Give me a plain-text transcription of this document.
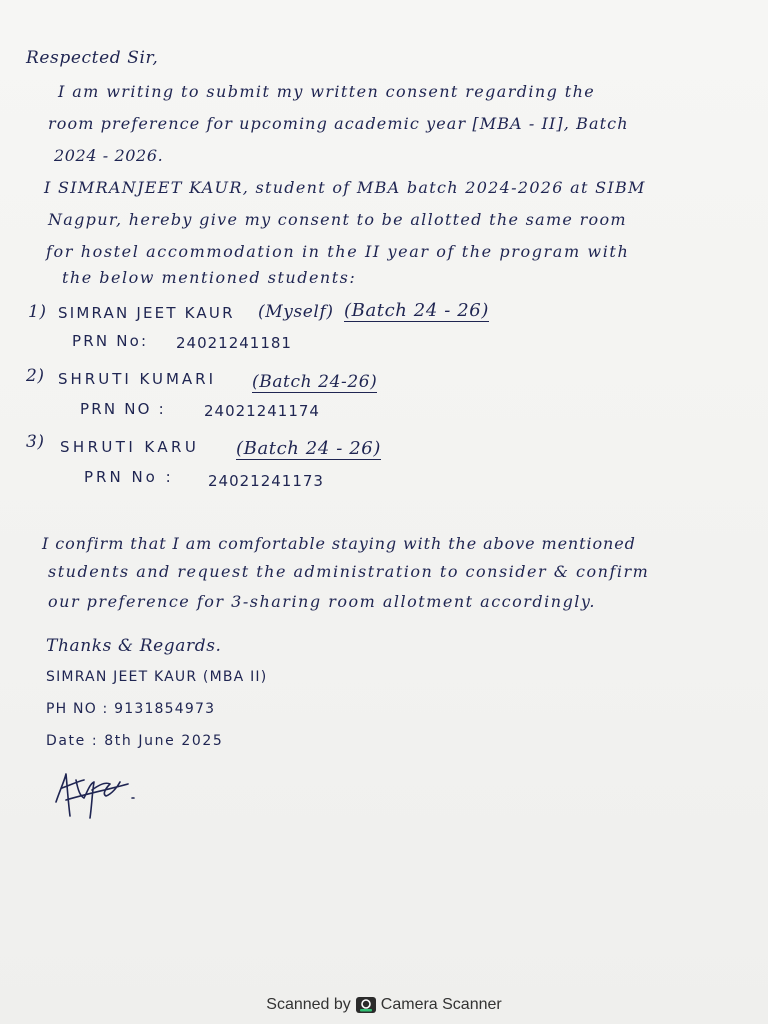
Respected Sir,
I am writing to submit my written consent regarding the
room preference for upcoming academic year [MBA - II], Batch
2024 - 2026.
I SIMRANJEET KAUR, student of MBA batch 2024-2026 at SIBM
Nagpur, hereby give my consent to be allotted the same room
for hostel accommodation in the II year of the program with
the below mentioned students:
1) SIMRAN JEET KAUR (Myself) (Batch 24 - 26)
PRN No: 24021241181
2) SHRUTI KUMARI (Batch 24-26)
PRN NO :	24021241174
3) SHRUTI KARU (Batch 24 - 26)
PRN No : 24021241173
I confirm that I am comfortable staying with the above mentioned
students and request the administration to consider & confirm
our preference for 3-sharing room allotment accordingly.
Thanks & Regards.
SIMRAN JEET KAUR (MBA II)
PH NO : 9131854973
Date : 8th June 2025
Scanned by Camera Scanner
